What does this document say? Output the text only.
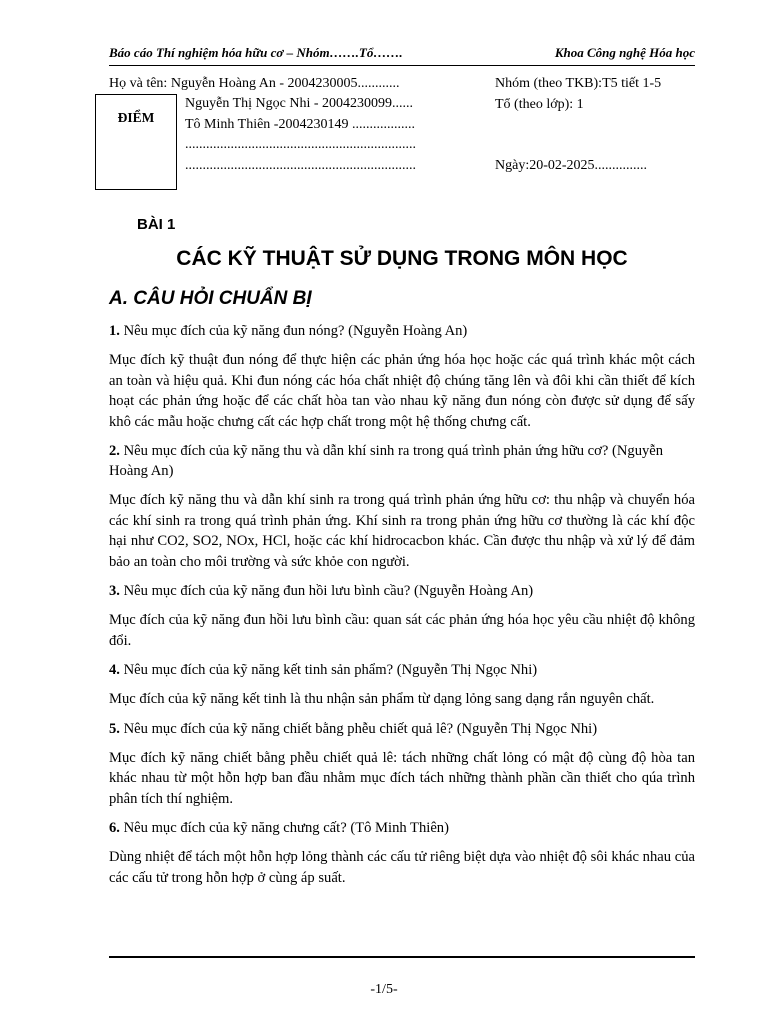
Báo cáo Thí nghiệm hóa hữu cơ – Nhóm…….Tổ…….	Khoa Công nghệ Hóa học
Họ và tên: Nguyễn Hoàng An - 2004230005............
Nguyễn Thị Ngọc Nhi - 2004230099......
Tô Minh Thiên -2004230149 ..................
..................................................................
..................................................................
Nhóm (theo TKB):T5 tiết 1-5
Tổ (theo lớp): 1

Ngày:20-02-2025...............
ĐIỂM
BÀI 1
CÁC KỸ THUẬT SỬ DỤNG TRONG MÔN HỌC
A. CÂU HỎI CHUẨN BỊ

1. Nêu mục đích của kỹ năng đun nóng? (Nguyễn Hoàng An)

Mục đích kỹ thuật đun nóng để thực hiện các phản ứng hóa học hoặc các quá trình khác một cách an toàn và hiệu quả. Khi đun nóng các hóa chất nhiệt độ chúng tăng lên và đôi khi cần thiết để kích hoạt các phản ứng hoặc để các chất hòa tan vào nhau kỹ năng đun nóng còn được sử dụng để sấy khô các mẫu hoặc chưng cất các hợp chất trong một hệ thống chưng cất.

2. Nêu mục đích của kỹ năng thu và dẫn khí sinh ra trong quá trình phản ứng hữu cơ? (Nguyễn Hoàng An)

Mục đích kỹ năng thu và dẫn khí sinh ra trong quá trình phản ứng hữu cơ: thu nhập và chuyển hóa các khí sinh ra trong quá trình phản ứng. Khí sinh ra trong phản ứng hữu cơ thường là các khí độc hại như CO2, SO2, NOx, HCl, hoặc các khí hidrocacbon khác. Cần được thu nhập và xử lý để đảm bảo an toàn cho môi trường và sức khỏe con người.

3. Nêu mục đích của kỹ năng đun hồi lưu bình cầu? (Nguyễn Hoàng An)

Mục đích của kỹ năng đun hồi lưu bình cầu: quan sát các phản ứng hóa học yêu cầu nhiệt độ không đổi.

4. Nêu mục đích của kỹ năng kết tinh sản phẩm? (Nguyễn Thị Ngọc Nhi)

Mục đích của kỹ năng kết tinh là thu nhận sản phẩm từ dạng lỏng sang dạng rắn nguyên chất.

5. Nêu mục đích của kỹ năng chiết bằng phễu chiết quả lê? (Nguyễn Thị Ngọc Nhi)

Mục đích kỹ năng chiết bằng phễu chiết quả lê: tách những chất lỏng có mật độ cùng độ hòa tan khác nhau từ một hỗn hợp ban đầu nhằm mục đích tách những thành phần cần thiết cho qúa trình phân tích thí nghiệm.

6. Nêu mục đích của kỹ năng chưng cất? (Tô Minh Thiên)

Dùng nhiệt để tách một hỗn hợp lỏng thành các cấu tử riêng biệt dựa vào nhiệt độ sôi khác nhau của các cấu tử trong hỗn hợp ở cùng áp suất.

-1/5-
